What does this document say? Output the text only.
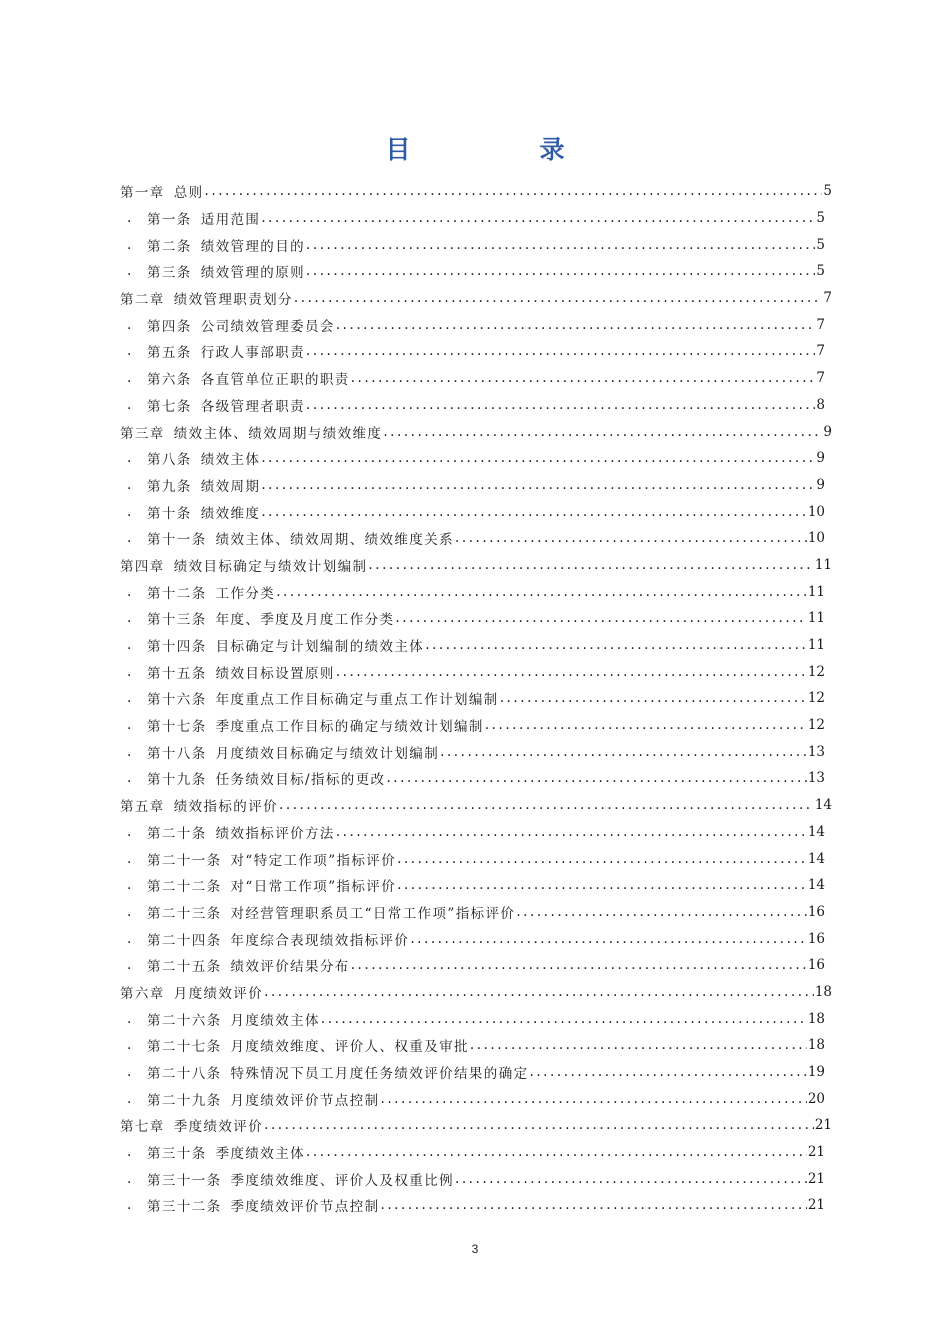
目　录
第一章 总则 .....	5
.	第一条 适用范围 .....	5
.	第二条 绩效管理的目的 .....	5
.	第三条 绩效管理的原则 .....	5
第二章 绩效管理职责划分 .....	7
.	第四条 公司绩效管理委员会 .....	7
.	第五条 行政人事部职责 .....	7
.	第六条 各直管单位正职的职责 .....	7
.	第七条 各级管理者职责 .....	8
第三章 绩效主体、绩效周期与绩效维度 .....	9
.	第八条 绩效主体 .....	9
.	第九条 绩效周期 .....	9
.	第十条 绩效维度 .....	10
.	第十一条 绩效主体、绩效周期、绩效维度关系 .....	10
第四章 绩效目标确定与绩效计划编制 .....	11
.	第十二条 工作分类 .....	11
.	第十三条 年度、季度及月度工作分类 .....	11
.	第十四条 目标确定与计划编制的绩效主体 .....	11
.	第十五条 绩效目标设置原则 .....	12
.	第十六条 年度重点工作目标确定与重点工作计划编制 .....	12
.	第十七条 季度重点工作目标的确定与绩效计划编制 .....	12
.	第十八条 月度绩效目标确定与绩效计划编制 .....	13
.	第十九条 任务绩效目标/指标的更改 .....	13
第五章 绩效指标的评价 .....	14
.	第二十条 绩效指标评价方法 .....	14
.	第二十一条 对“特定工作项”指标评价 .....	14
.	第二十二条 对“日常工作项”指标评价 .....	14
.	第二十三条 对经营管理职系员工“日常工作项”指标评价 .....	16
.	第二十四条 年度综合表现绩效指标评价 .....	16
.	第二十五条 绩效评价结果分布 .....	16
第六章 月度绩效评价 .....	18
.	第二十六条 月度绩效主体 .....	18
.	第二十七条 月度绩效维度、评价人、权重及审批 .....	18
.	第二十八条 特殊情况下员工月度任务绩效评价结果的确定 .....	19
.	第二十九条 月度绩效评价节点控制 .....	20
第七章 季度绩效评价 .....	21
.	第三十条 季度绩效主体 .....	21
.	第三十一条 季度绩效维度、评价人及权重比例 .....	21
.	第三十二条 季度绩效评价节点控制 .....	21
3
